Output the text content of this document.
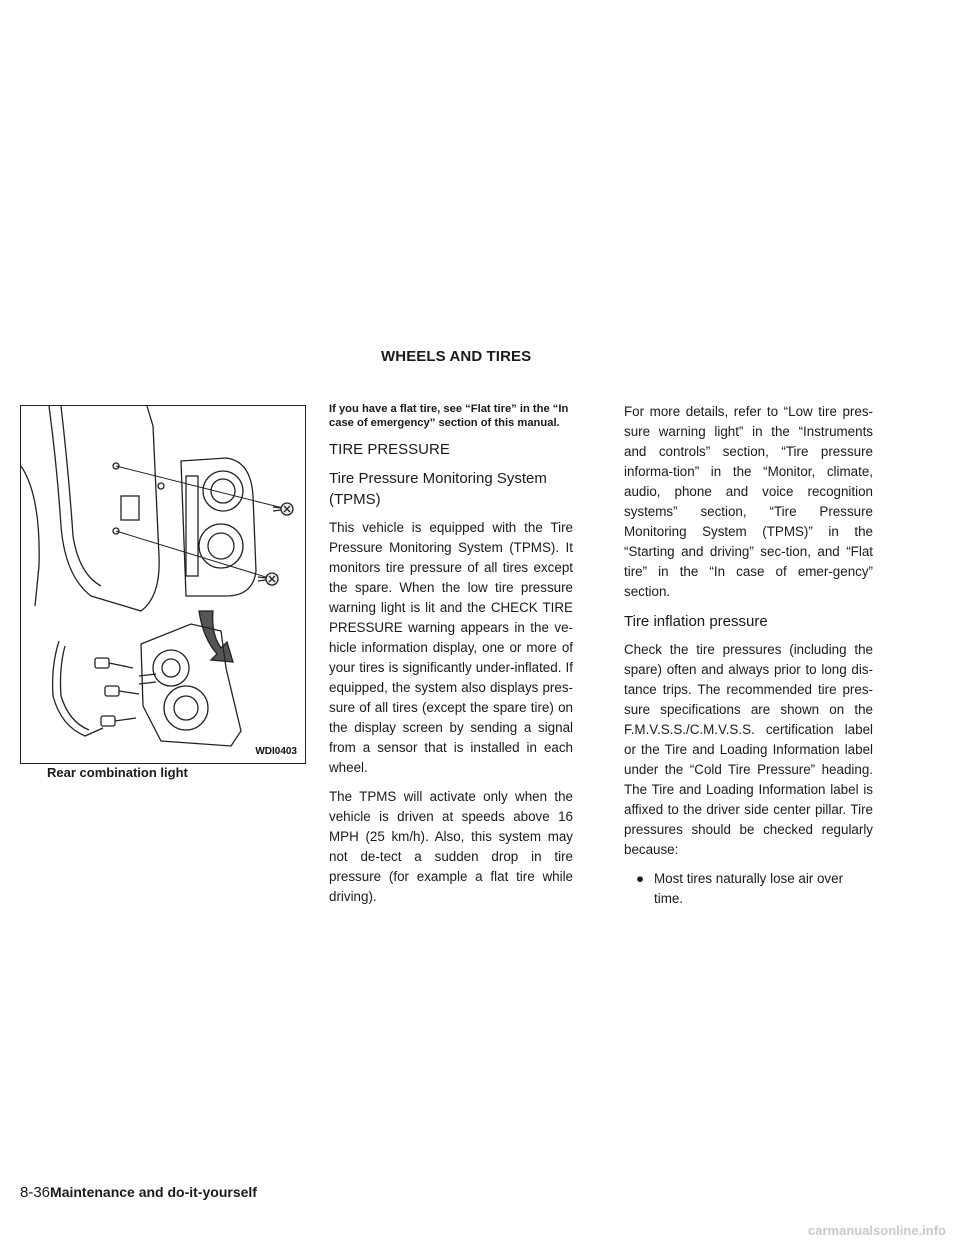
WHEELS AND TIRES
WDI0403
Rear combination light
If you have a flat tire, see “Flat tire” in the “In case of emergency” section of this manual.
TIRE PRESSURE
Tire Pressure Monitoring System (TPMS)

This vehicle is equipped with the Tire Pressure Monitoring System (TPMS). It monitors tire pressure of all tires except the spare. When the low tire pressure warning light is lit and the CHECK TIRE PRESSURE warning appears in the ve-hicle information display, one or more of your tires is significantly under-inflated. If equipped, the system also displays pres-sure of all tires (except the spare tire) on the display screen by sending a signal from a sensor that is installed in each wheel.

The TPMS will activate only when the vehicle is driven at speeds above 16 MPH (25 km/h). Also, this system may not de-tect a sudden drop in tire pressure (for example a flat tire while driving).

For more details, refer to “Low tire pres-sure warning light” in the “Instruments and controls” section, “Tire pressure informa-tion” in the “Monitor, climate, audio, phone and voice recognition systems” section, “Tire Pressure Monitoring System (TPMS)” in the “Starting and driving” sec-tion, and “Flat tire” in the “In case of emer-gency” section.

Tire inflation pressure

Check the tire pressures (including the spare) often and always prior to long dis-tance trips. The recommended tire pres-sure specifications are shown on the F.M.V.S.S./C.M.V.S.S. certification label or the Tire and Loading Information label under the “Cold Tire Pressure” heading. The Tire and Loading Information label is affixed to the driver side center pillar. Tire pressures should be checked regularly because:

● Most tires naturally lose air over time.
8-36Maintenance and do-it-yourself
carmanualsonline.info
